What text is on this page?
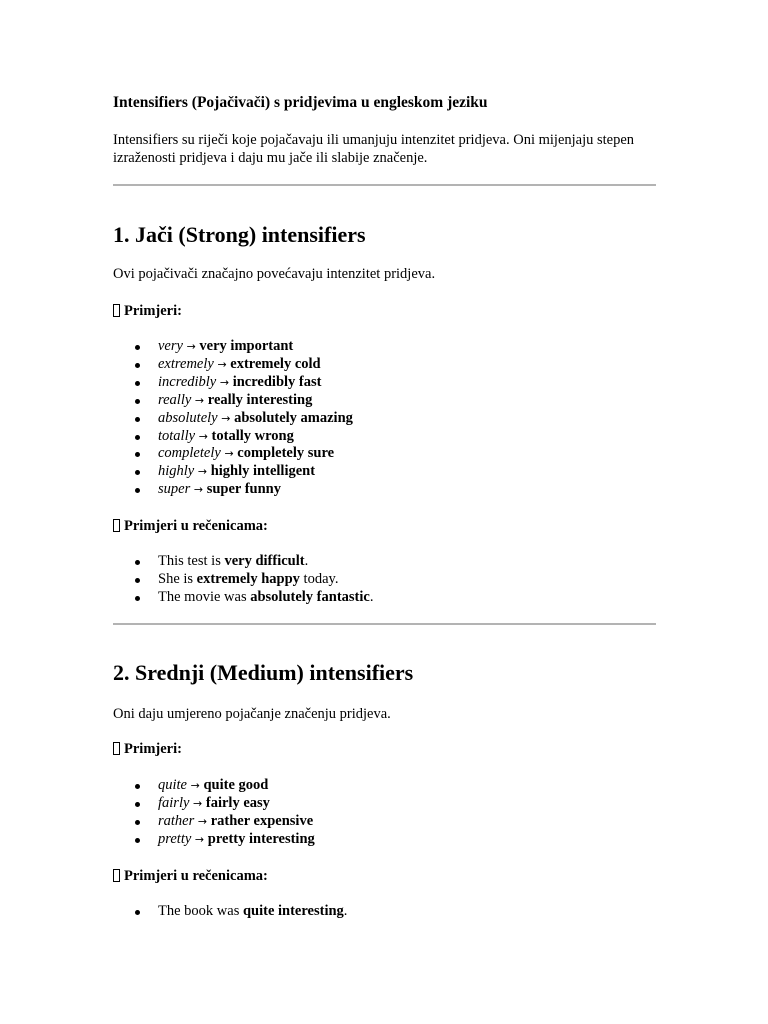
Intensifiers (Pojačivači) s pridjevima u engleskom jeziku

Intensifiers su riječi koje pojačavaju ili umanjuju intenzitet pridjeva. Oni mijenjaju stepen izraženosti pridjeva i daju mu jače ili slabije značenje.

1. Jači (Strong) intensifiers

Ovi pojačivači značajno povećavaju intenzitet pridjeva.

Primjeri:

very → very important
extremely → extremely cold
incredibly → incredibly fast
really → really interesting
absolutely → absolutely amazing
totally → totally wrong
completely → completely sure
highly → highly intelligent
super → super funny

Primjeri u rečenicama:

This test is very difficult.
She is extremely happy today.
The movie was absolutely fantastic.
2. Srednji (Medium) intensifiers

Oni daju umjereno pojačanje značenju pridjeva.

Primjeri:

quite → quite good
fairly → fairly easy
rather → rather expensive
pretty → pretty interesting

Primjeri u rečenicama:

The book was quite interesting.
